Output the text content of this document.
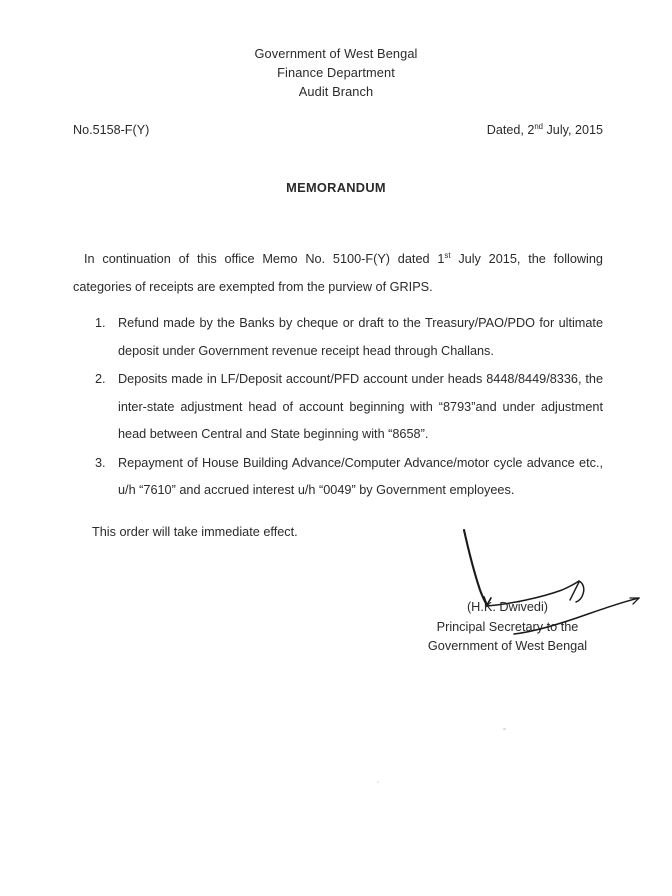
Government of West Bengal
Finance Department
Audit Branch
No.5158-F(Y)	Dated, 2nd July, 2015
MEMORANDUM

In continuation of this office Memo No. 5100-F(Y) dated 1st July 2015, the following categories of receipts are exempted from the purview of GRIPS.

1. Refund made by the Banks by cheque or draft to the Treasury/PAO/PDO for ultimate deposit under Government revenue receipt head through Challans.
2. Deposits made in LF/Deposit account/PFD account under heads 8448/8449/8336, the inter-state adjustment head of account beginning with “8793”and under adjustment head between Central and State beginning with “8658”.
3. Repayment of House Building Advance/Computer Advance/motor cycle advance etc., u/h “7610” and accrued interest u/h “0049” by Government employees.
This order will take immediate effect.
(H.K. Dwivedi)
Principal Secretary to the
Government of West Bengal
